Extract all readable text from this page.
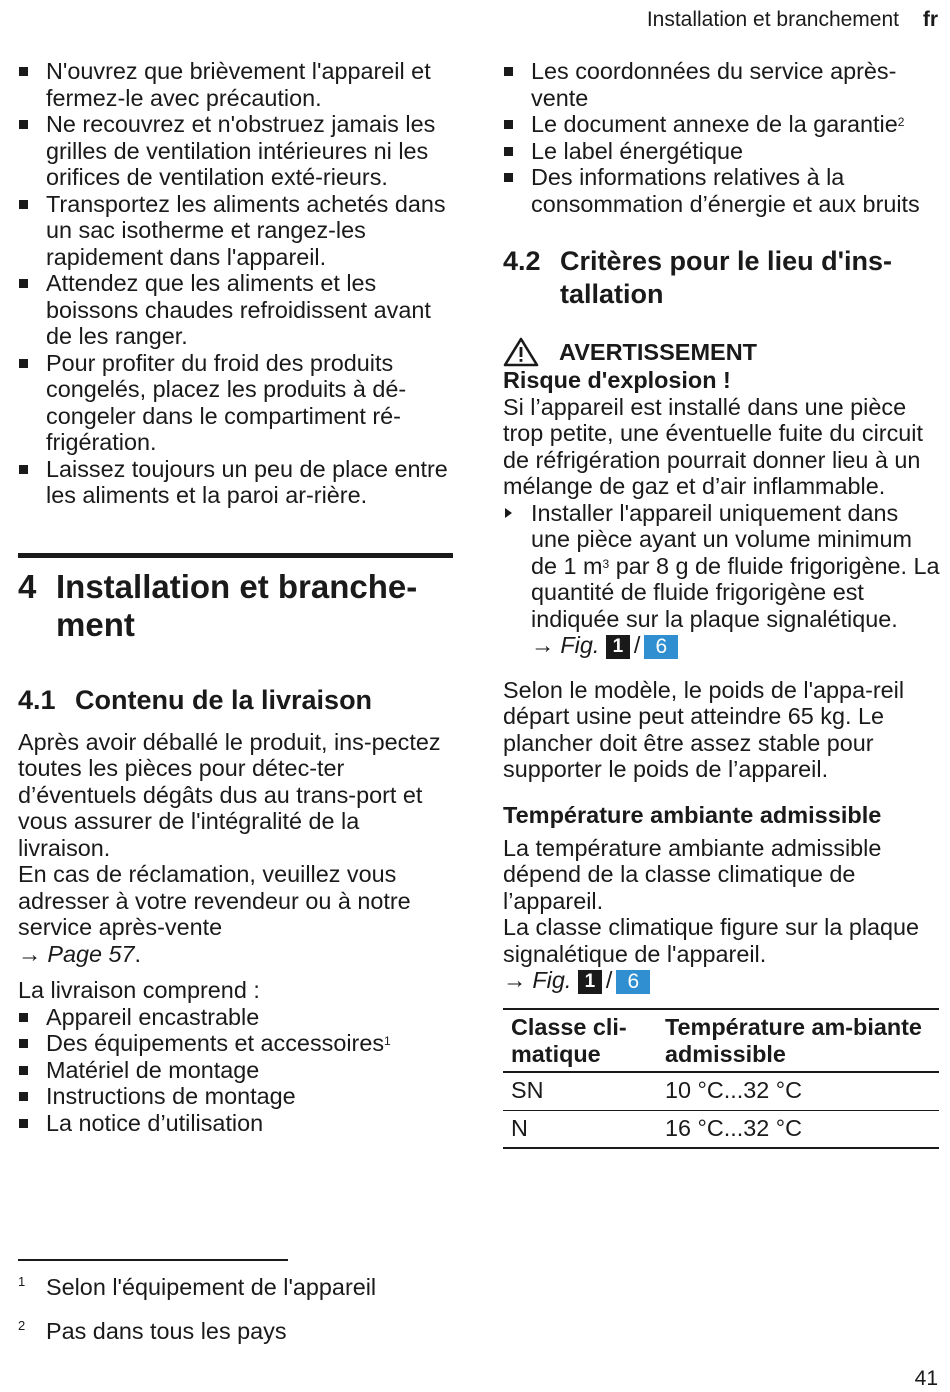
Installation et branchement fr
N'ouvrez que brièvement l'appareil et fermez-le avec précaution.
Ne recouvrez et n'obstruez jamais les grilles de ventilation intérieures ni les orifices de ventilation exté-rieurs.
Transportez les aliments achetés dans un sac isotherme et rangez-les rapidement dans l'appareil.
Attendez que les aliments et les boissons chaudes refroidissent avant de les ranger.
Pour profiter du froid des produits congelés, placez les produits à dé-congeler dans le compartiment ré-frigération.
Laissez toujours un peu de place entre les aliments et la paroi ar-rière.
4 Installation et branche-ment
4.1 Contenu de la livraison
Après avoir déballé le produit, ins-pectez toutes les pièces pour détec-ter d’éventuels dégâts dus au trans-port et vous assurer de l'intégralité de la livraison.
En cas de réclamation, veuillez vous adresser à votre revendeur ou à notre service après-vente
→ Page 57.
La livraison comprend :
Appareil encastrable
Des équipements et accessoires$^1$
Matériel de montage
Instructions de montage
La notice d’utilisation
Les coordonnées du service après-vente
Le document annexe de la garantie$^2$
Le label énergétique
Des informations relatives à la consommation d’énergie et aux bruits
4.2 Critères pour le lieu d'ins-tallation
AVERTISSEMENT
Risque d'explosion !
Si l’appareil est installé dans une pièce trop petite, une éventuelle fuite du circuit de réfrigération pourrait donner lieu à un mélange de gaz et d’air inflammable.
Installer l'appareil uniquement dans une pièce ayant un volume minimum de 1 $m^3$ par 8 g de fluide frigorigène. La quantité de fluide frigorigène est indiquée sur la plaque signalétique. → Fig. 1 / 6
Selon le modèle, le poids de l'appa-reil départ usine peut atteindre 65 kg. Le plancher doit être assez stable pour supporter le poids de l’appareil.
Température ambiante admissible
La température ambiante admissible dépend de la classe climatique de l’appareil.
La classe climatique figure sur la plaque signalétique de l'appareil.
→ Fig. 1 / 6
Classe cli-matique	Température am-biante admissible
SN	10 °C...32 °C
N	16 °C...32 °C
1 Selon l'équipement de l'appareil
2 Pas dans tous les pays
41
